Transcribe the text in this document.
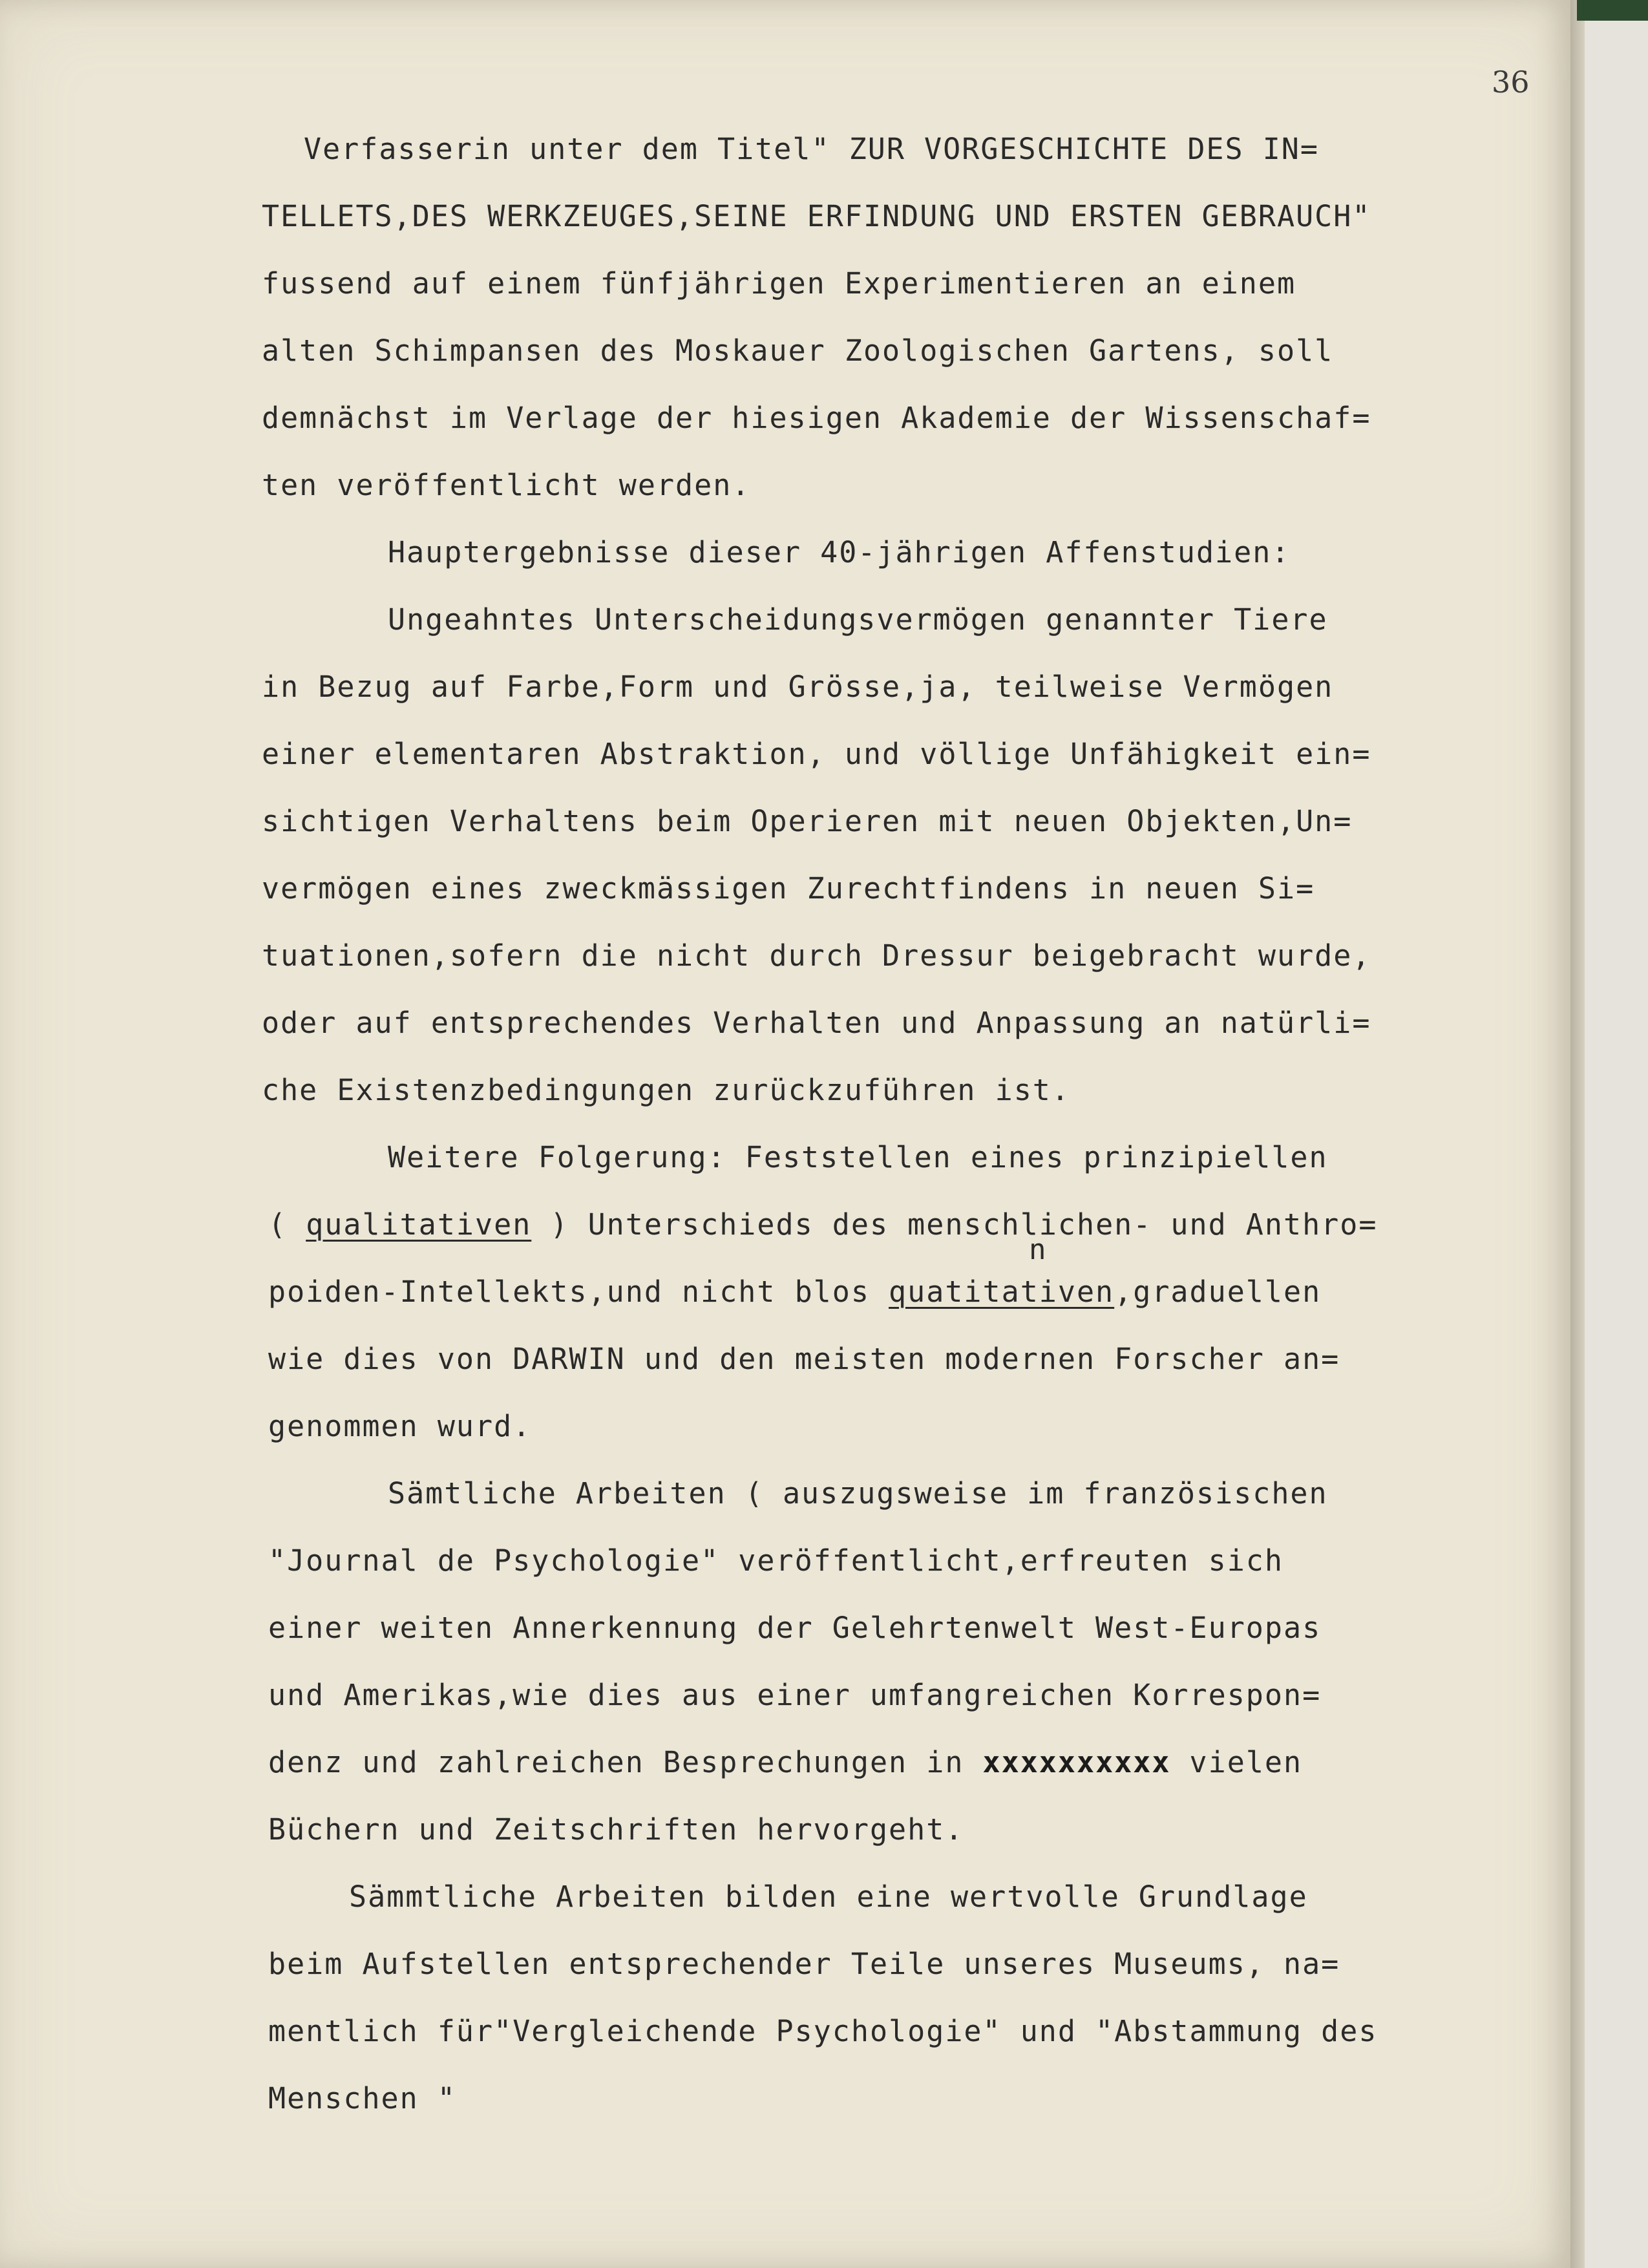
36

Verfasserin unter dem Titel" ZUR VORGESCHICHTE DES IN=

TELLETS,DES WERKZEUGES,SEINE ERFINDUNG UND ERSTEN GEBRAUCH"

fussend auf einem fünfjährigen Experimentieren an einem

alten Schimpansen des Moskauer Zoologischen Gartens, soll

demnächst im Verlage der hiesigen Akademie der Wissenschaf=

ten veröffentlicht werden.

Hauptergebnisse dieser 40-jährigen Affenstudien:

Ungeahntes Unterscheidungsvermögen genannter Tiere

in Bezug auf Farbe,Form und Grösse,ja, teilweise Vermögen

einer elementaren Abstraktion, und völlige Unfähigkeit ein=

sichtigen Verhaltens beim Operieren mit neuen Objekten,Un=

vermögen eines zweckmässigen Zurechtfindens in neuen Si=

tuationen,sofern die nicht durch Dressur beigebracht wurde,

oder auf entsprechendes Verhalten und Anpassung an natürli=

che Existenzbedingungen zurückzuführen ist.

Weitere Folgerung: Feststellen eines prinzipiellen

( qualitativen ) Unterschieds des menschlichen- und Anthro=

poiden-Intellekts,und nicht blos quatitativen,graduellen

wie dies von DARWIN und den meisten modernen Forscher an=

genommen wurd.

Sämtliche Arbeiten ( auszugsweise im französischen

"Journal de Psychologie" veröffentlicht,erfreuten sich

einer weiten Annerkennung der Gelehrtenwelt West-Europas

und Amerikas,wie dies aus einer umfangreichen Korrespon=

denz und zahlreichen Besprechungen in xxxxxxxxxx vielen

Büchern und Zeitschriften hervorgeht.

Sämmtliche Arbeiten bilden eine wertvolle Grundlage

beim Aufstellen entsprechender Teile unseres Museums, na=

mentlich für"Vergleichende Psychologie" und "Abstammung des

Menschen "

n
